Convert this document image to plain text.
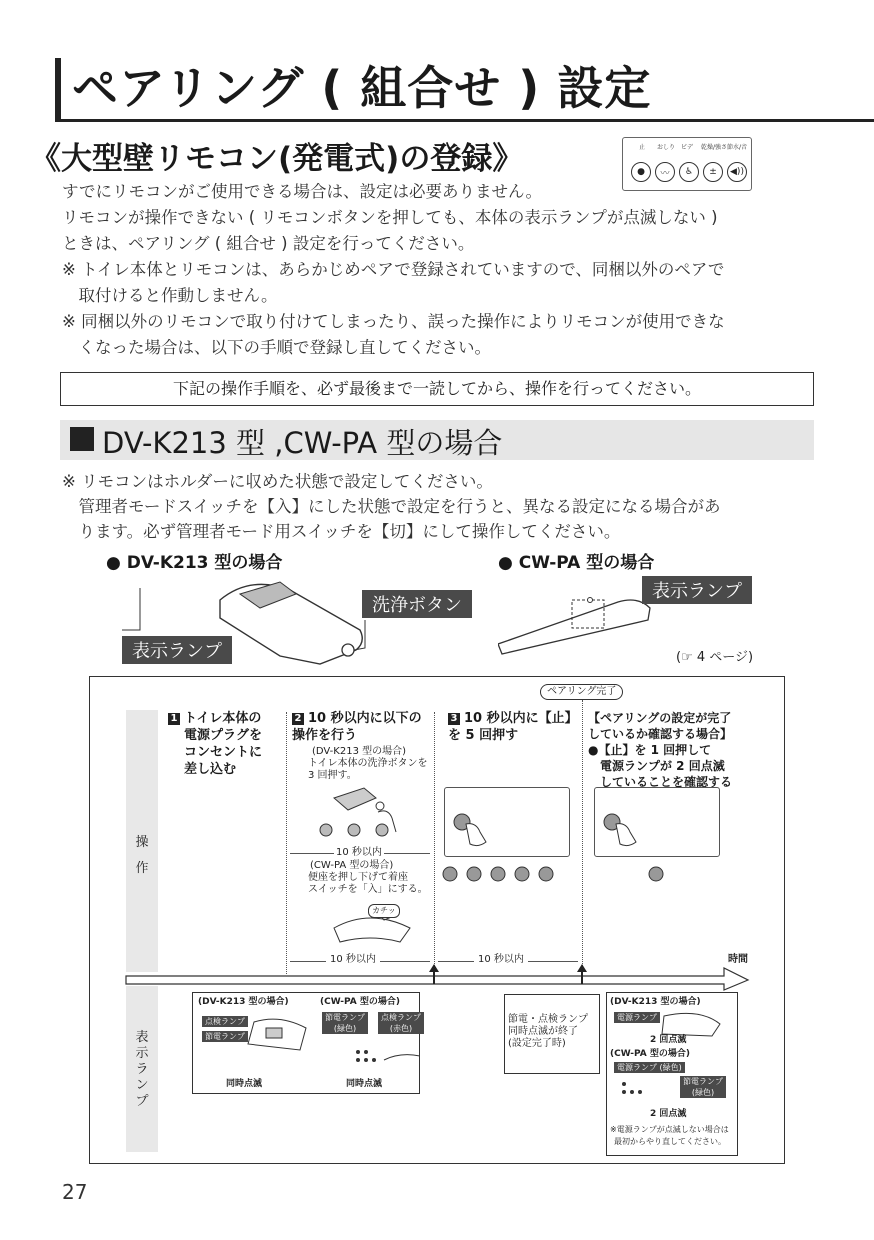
ペアリング ( 組合せ ) 設定
《大型壁リモコン(発電式)の登録》	止 おしり ビデ 乾燥/強さ 節水/音
●	〰	♿	±	◀))
すでにリモコンがご使用できる場合は、設定は必要ありません。
リモコンが操作できない ( リモコンボタンを押しても、本体の表示ランプが点滅しない )
ときは、ペアリング ( 組合せ ) 設定を行ってください。
※ トイレ本体とリモコンは、あらかじめペアで登録されていますので、同梱以外のペアで
　取付けると作動しません。
※ 同梱以外のリモコンで取り付けてしまったり、誤った操作によりリモコンが使用できな
　くなった場合は、以下の手順で登録し直してください。
下記の操作手順を、必ず最後まで一読してから、操作を行ってください。
DV-K213 型 ,CW-PA 型の場合
※ リモコンはホルダーに収めた状態で設定してください。
　管理者モードスイッチを【入】にした状態で設定を行うと、異なる設定になる場合があ
　ります。必ず管理者モード用スイッチを【切】にして操作してください。
● DV-K213 型の場合	● CW-PA 型の場合
洗浄ボタン
表示ランプ
表示ランプ
(☞ 4 ページ)
ペアリング完了
操作
表示ランプ
1 トイレ本体の
電源プラグを
コンセントに
差し込む
2 10 秒以内に以下の
操作を行う
(DV-K213 型の場合)
トイレ本体の洗浄ボタンを
3 回押す。
10 秒以内
(CW-PA 型の場合)
便座を押し下げて着座
スイッチを「入」にする。
カチッ
3 10 秒以内に【止】
を 5 回押す
【ペアリングの設定が完了
しているか確認する場合】
●【止】を 1 回押して
　電源ランプが 2 回点滅
　していることを確認する
10 秒以内	10 秒以内	時間
(DV-K213 型の場合)	(CW-PA 型の場合)
点検ランプ
節電ランプ
節電ランプ
(緑色)
点検ランプ
(赤色)
同時点滅	同時点滅
節電・点検ランプ
同時点滅が終了
(設定完了時)
(DV-K213 型の場合)
電源ランプ
2 回点滅
(CW-PA 型の場合)
電源ランプ (緑色)
節電ランプ
(緑色)
2 回点滅
※電源ランプが点滅しない場合は
最初からやり直してください。
27
